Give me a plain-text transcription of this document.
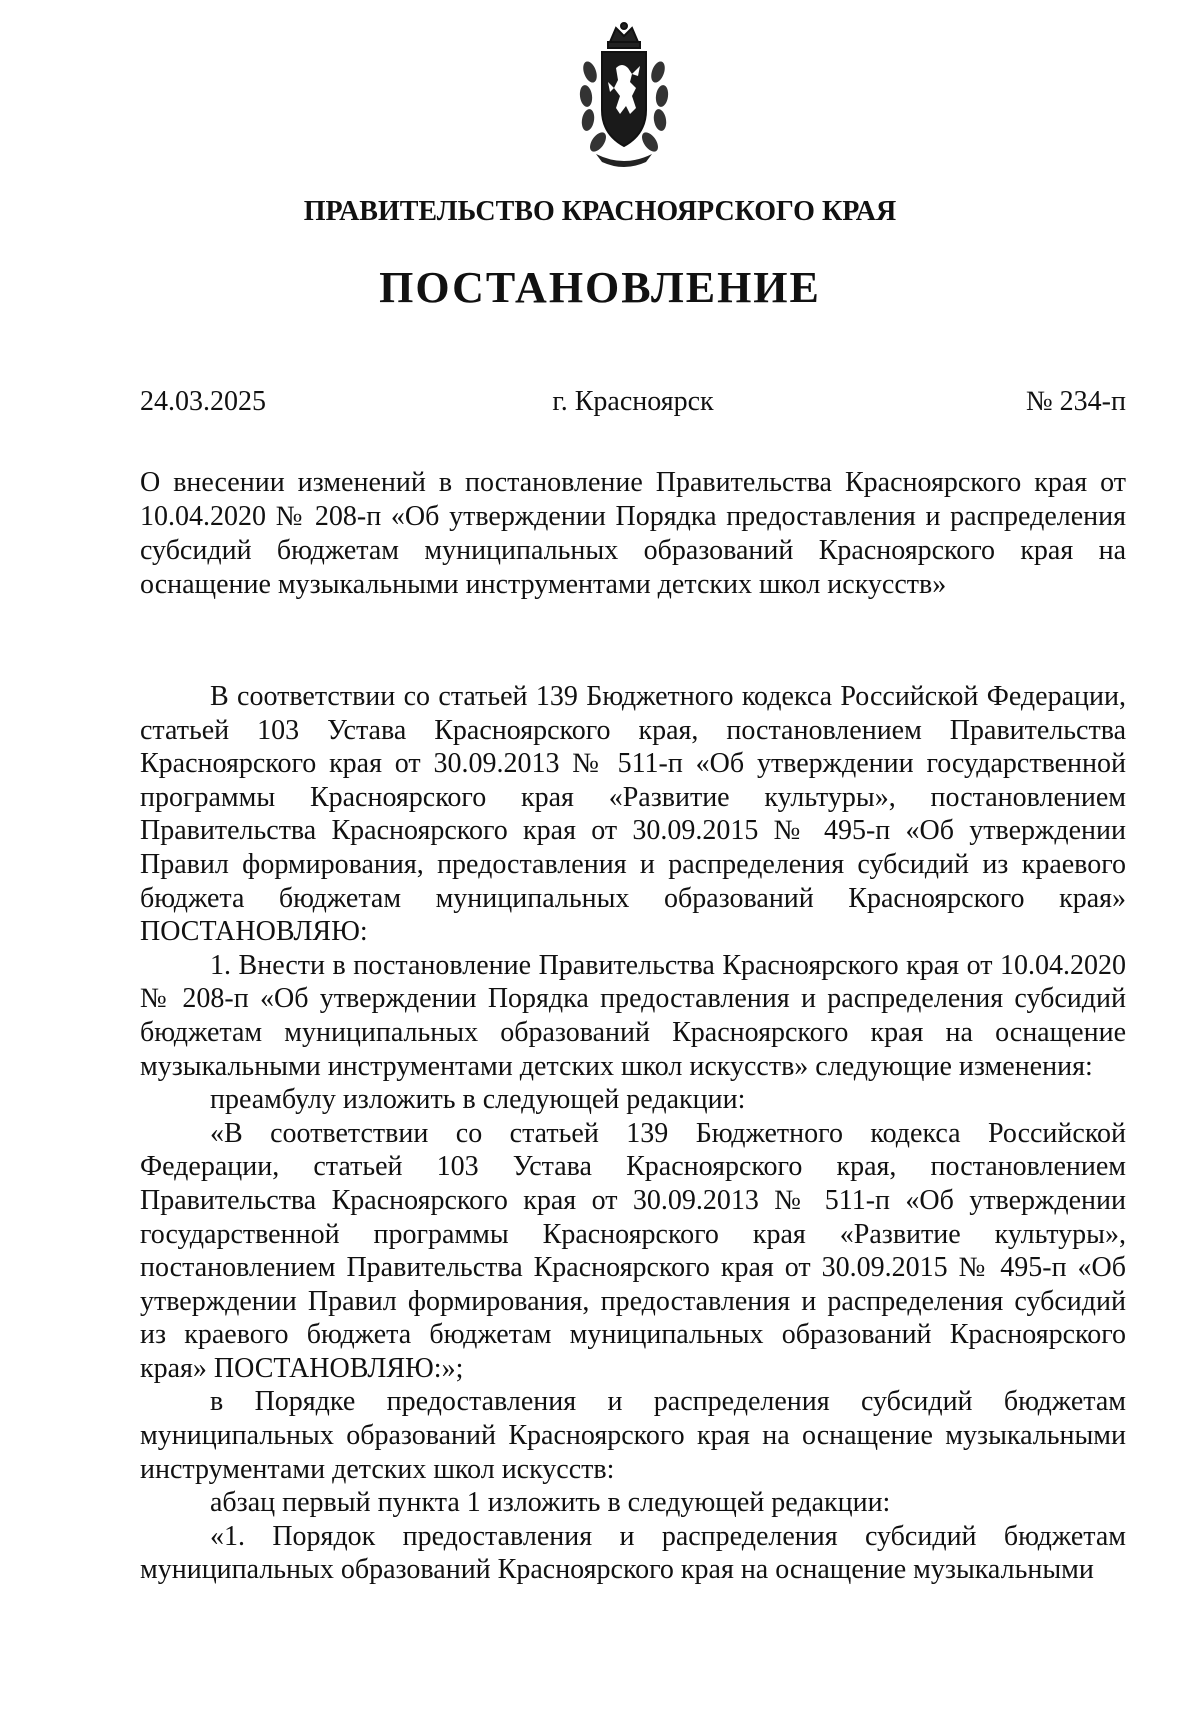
ПРАВИТЕЛЬСТВО КРАСНОЯРСКОГО КРАЯ
ПОСТАНОВЛЕНИЕ
24.03.2025	г. Красноярск	№ 234-п
О внесении изменений в постановление Правительства Красноярского края от 10.04.2020 № 208-п «Об утверждении Порядка предоставления и распределения субсидий бюджетам муниципальных образований Красноярского края на оснащение музыкальными инструментами детских школ искусств»

В соответствии со статьей 139 Бюджетного кодекса Российской Федерации, статьей 103 Устава Красноярского края, постановлением Правительства Красноярского края от 30.09.2013 № 511-п «Об утверждении государственной программы Красноярского края «Развитие культуры», постановлением Правительства Красноярского края от 30.09.2015 № 495-п «Об утверждении Правил формирования, предоставления и распределения субсидий из краевого бюджета бюджетам муниципальных образований Красноярского края» ПОСТАНОВЛЯЮ:

1. Внести в постановление Правительства Красноярского края от 10.04.2020 № 208-п «Об утверждении Порядка предоставления и распределения субсидий бюджетам муниципальных образований Красноярского края на оснащение музыкальными инструментами детских школ искусств» следующие изменения:

преамбулу изложить в следующей редакции:

«В соответствии со статьей 139 Бюджетного кодекса Российской Федерации, статьей 103 Устава Красноярского края, постановлением Правительства Красноярского края от 30.09.2013 № 511-п «Об утверждении государственной программы Красноярского края «Развитие культуры», постановлением Правительства Красноярского края от 30.09.2015 № 495-п «Об утверждении Правил формирования, предоставления и распределения субсидий из краевого бюджета бюджетам муниципальных образований Красноярского края» ПОСТАНОВЛЯЮ:»;

в Порядке предоставления и распределения субсидий бюджетам муниципальных образований Красноярского края на оснащение музыкальными инструментами детских школ искусств:

абзац первый пункта 1 изложить в следующей редакции:

«1. Порядок предоставления и распределения субсидий бюджетам муниципальных образований Красноярского края на оснащение музыкальными
